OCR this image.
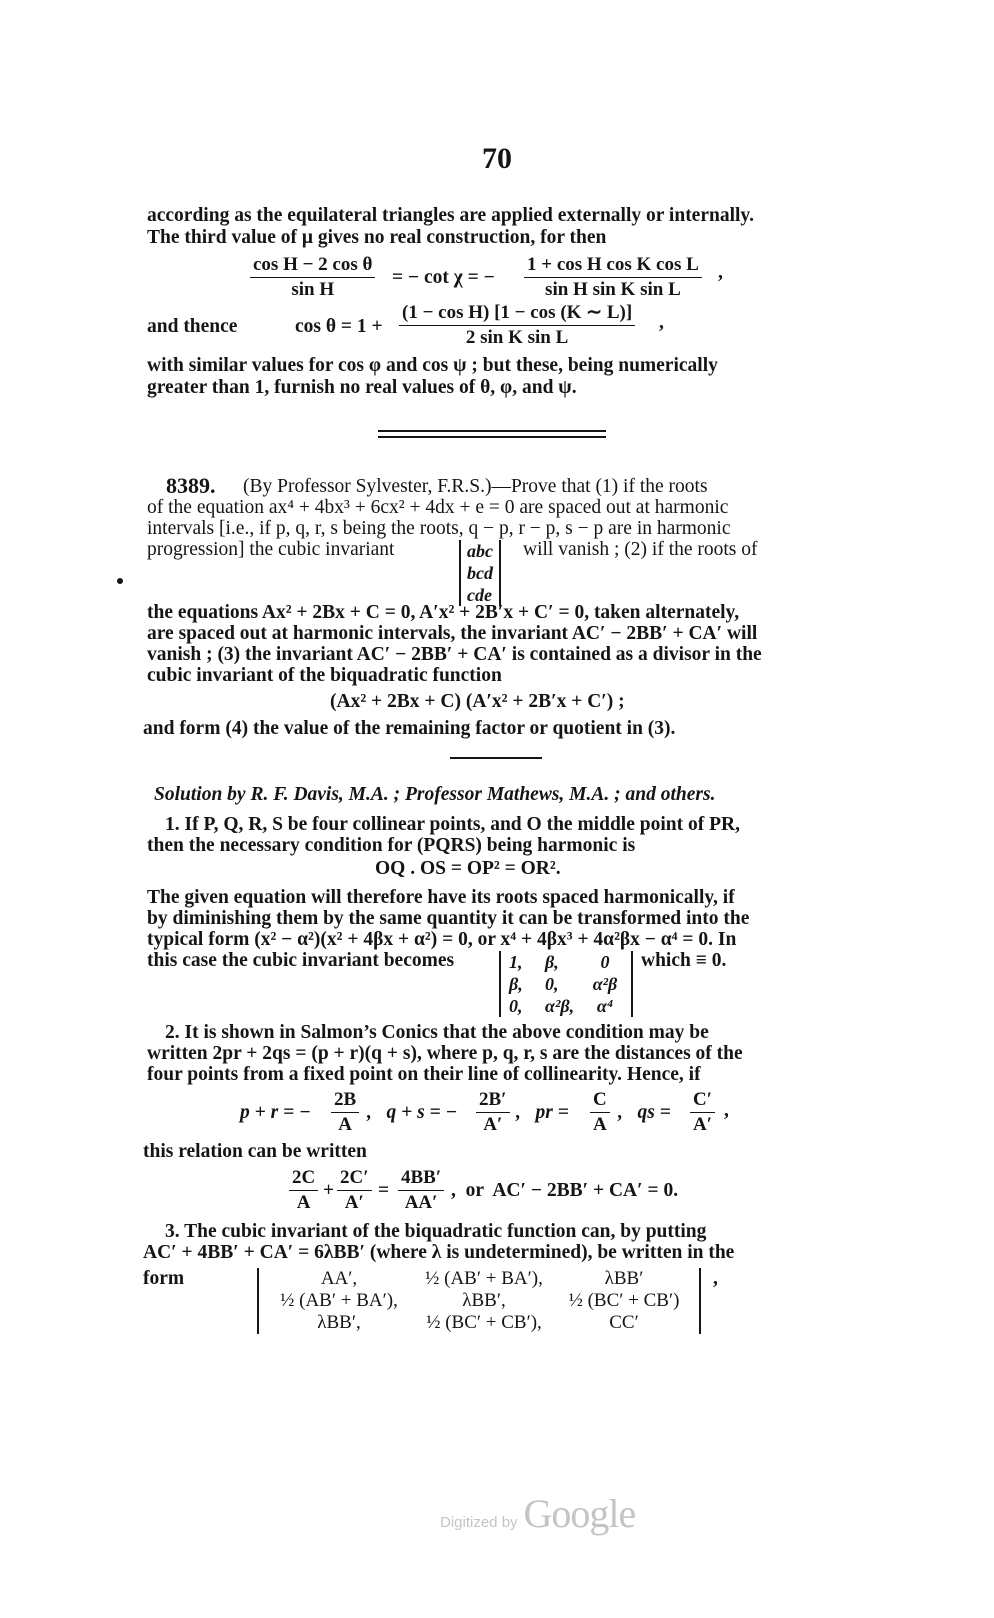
70
according as the equilateral triangles are applied externally or internally.
The third value of μ gives no real construction, for then
$\frac{\text{cos H − 2 cos θ}}{\text{sin H}}$ = − cot χ = − $\frac{\text{1 + cos H cos K cos L}}{\text{sin H sin K sin L}}$ ,
and thence	$\cos \theta = 1 + \frac{\text{(1 − cos H) [1 − cos (K ∼ L)]}}{\text{2 sin K sin L}}$ ,
with similar values for cos φ and cos ψ ; but these, being numerically
greater than 1, furnish no real values of θ, φ, and ψ.
8389. (By Professor Sylvester, F.R.S.)—Prove that (1) if the roots
of the equation ax⁴ + 4bx³ + 6cx² + 4dx + e = 0 are spaced out at harmonic
intervals [i.e., if p, q, r, s being the roots, q − p, r − p, s − p are in harmonic
progression] the cubic invariant	abc
bcd
cde
will vanish ; (2) if the roots of
the equations Ax² + 2Bx + C = 0, A′x² + 2B′x + C′ = 0, taken alternately,
are spaced out at harmonic intervals, the invariant AC′ − 2BB′ + CA′ will
vanish ; (3) the invariant AC′ − 2BB′ + CA′ is contained as a divisor in the
cubic invariant of the biquadratic function
(Ax² + 2Bx + C) (A′x² + 2B′x + C′) ;
and form (4) the value of the remaining factor or quotient in (3).
Solution by R. F. Davis, M.A. ; Professor Mathews, M.A. ; and others.
1. If P, Q, R, S be four collinear points, and O the middle point of PR,
then the necessary condition for (PQRS) being harmonic is
OQ . OS = OP² = OR².
The given equation will therefore have its roots spaced harmonically, if
by diminishing them by the same quantity it can be transformed into the
typical form (x² − α²)(x² + 4βx + α²) = 0, or x⁴ + 4βx³ + 4α²βx − α⁴ = 0. In
this case the cubic invariant becomes	1,	β,	0
β,	0,	α²β
0,	α²β,	α⁴
which ≡ 0.
2. It is shown in Salmon’s Conics that the above condition may be
written 2pr + 2qs = (p + r)(q + s), where p, q, r, s are the distances of the
four points from a fixed point on their line of collinearity. Hence, if
p + r = − $\frac{2B}{A}$ ,   q + s = − $\frac{2B'}{A'}$ ,   pr = $\frac{C}{A}$ ,   qs = $\frac{C'}{A'}$ ,
this relation can be written
$\frac{2C}{A} + \frac{2C'}{A'} = \frac{4BB'}{AA'}$ ,  or  AC′ − 2BB′ + CA′ = 0.
3. The cubic invariant of the biquadratic function can, by putting
AC′ + 4BB′ + CA′ = 6λBB′ (where λ is undetermined), be written in the
form	AA′,	½ (AB′ + BA′),	λBB′
½ (AB′ + BA′),	λBB′,	½ (BC′ + CB′)
λBB′,	½ (BC′ + CB′),	CC′
,
Digitized by Google
